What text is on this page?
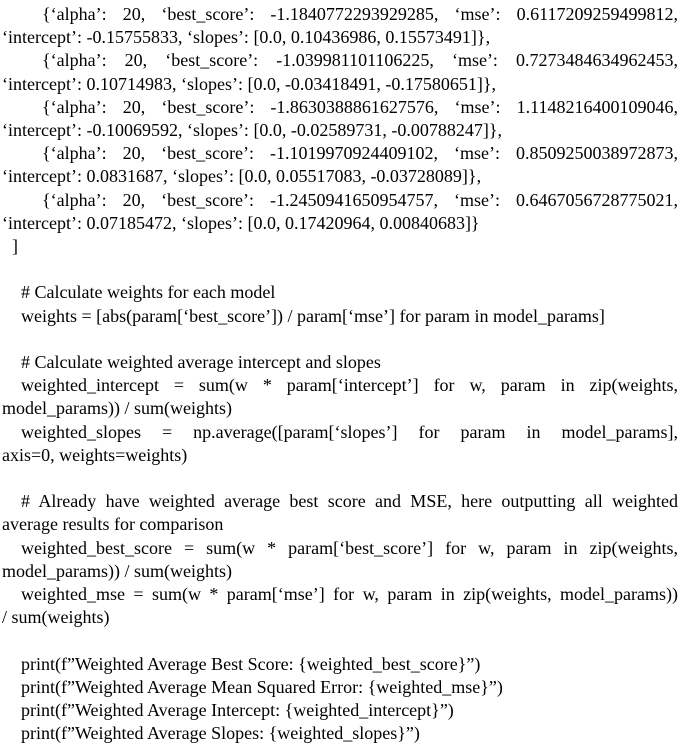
{‘alpha’: 20, ‘best_score’: -1.1840772293929285, ‘mse’: 0.6117209259499812,
‘intercept’: -0.15755833, ‘slopes’: [0.0, 0.10436986, 0.15573491]},
{‘alpha’: 20, ‘best_score’: -1.039981101106225, ‘mse’: 0.7273484634962453,
‘intercept’: 0.10714983, ‘slopes’: [0.0, -0.03418491, -0.17580651]},
{‘alpha’: 20, ‘best_score’: -1.8630388861627576, ‘mse’: 1.1148216400109046,
‘intercept’: -0.10069592, ‘slopes’: [0.0, -0.02589731, -0.00788247]},
{‘alpha’: 20, ‘best_score’: -1.1019970924409102, ‘mse’: 0.8509250038972873,
‘intercept’: 0.0831687, ‘slopes’: [0.0, 0.05517083, -0.03728089]},
{‘alpha’: 20, ‘best_score’: -1.2450941650954757, ‘mse’: 0.6467056728775021,
‘intercept’: 0.07185472, ‘slopes’: [0.0, 0.17420964, 0.00840683]}
]

# Calculate weights for each model
weights = [abs(param[‘best_score’]) / param[‘mse’] for param in model_params]

# Calculate weighted average intercept and slopes
weighted_intercept = sum(w * param[‘intercept’] for w, param in zip(weights,
model_params)) / sum(weights)
weighted_slopes = np.average([param[‘slopes’] for param in model_params],
axis=0, weights=weights)

# Already have weighted average best score and MSE, here outputting all weighted
average results for comparison
weighted_best_score = sum(w * param[‘best_score’] for w, param in zip(weights,
model_params)) / sum(weights)
weighted_mse = sum(w * param[‘mse’] for w, param in zip(weights, model_params))
/ sum(weights)

print(f”Weighted Average Best Score: {weighted_best_score}”)
print(f”Weighted Average Mean Squared Error: {weighted_mse}”)
print(f”Weighted Average Intercept: {weighted_intercept}”)
print(f”Weighted Average Slopes: {weighted_slopes}”)
